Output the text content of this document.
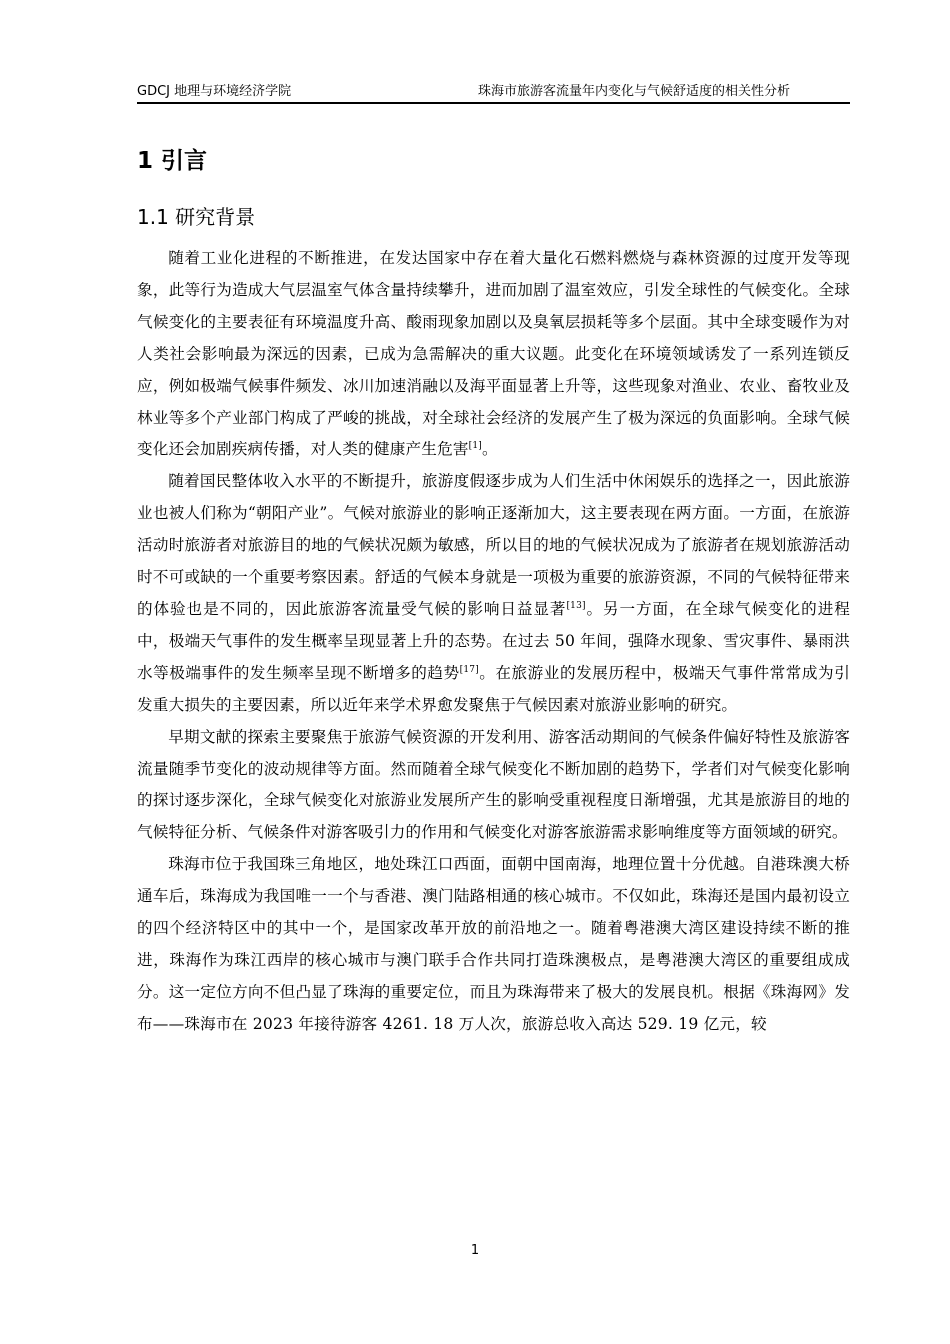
GDCJ 地理与环境经济学院	珠海市旅游客流量年内变化与气候舒适度的相关性分析
1 引言
1.1 研究背景

随着工业化进程的不断推进，在发达国家中存在着大量化石燃料燃烧与森林资源的过度开发等现象，此等行为造成大气层温室气体含量持续攀升，进而加剧了温室效应，引发全球性的气候变化。全球气候变化的主要表征有环境温度升高、酸雨现象加剧以及臭氧层损耗等多个层面。其中全球变暖作为对人类社会影响最为深远的因素，已成为急需解决的重大议题。此变化在环境领域诱发了一系列连锁反应，例如极端气候事件频发、冰川加速消融以及海平面显著上升等，这些现象对渔业、农业、畜牧业及林业等多个产业部门构成了严峻的挑战，对全球社会经济的发展产生了极为深远的负面影响。全球气候变化还会加剧疾病传播，对人类的健康产生危害[1]。

随着国民整体收入水平的不断提升，旅游度假逐步成为人们生活中休闲娱乐的选择之一，因此旅游业也被人们称为“朝阳产业”。气候对旅游业的影响正逐渐加大，这主要表现在两方面。一方面，在旅游活动时旅游者对旅游目的地的气候状况颇为敏感，所以目的地的气候状况成为了旅游者在规划旅游活动时不可或缺的一个重要考察因素。舒适的气候本身就是一项极为重要的旅游资源，不同的气候特征带来的体验也是不同的，因此旅游客流量受气候的影响日益显著[13]。另一方面，在全球气候变化的进程中，极端天气事件的发生概率呈现显著上升的态势。在过去 50 年间，强降水现象、雪灾事件、暴雨洪水等极端事件的发生频率呈现不断增多的趋势[17]。在旅游业的发展历程中，极端天气事件常常成为引发重大损失的主要因素，所以近年来学术界愈发聚焦于气候因素对旅游业影响的研究。

早期文献的探索主要聚焦于旅游气候资源的开发利用、游客活动期间的气候条件偏好特性及旅游客流量随季节变化的波动规律等方面。然而随着全球气候变化不断加剧的趋势下，学者们对气候变化影响的探讨逐步深化，全球气候变化对旅游业发展所产生的影响受重视程度日渐增强，尤其是旅游目的地的气候特征分析、气候条件对游客吸引力的作用和气候变化对游客旅游需求影响维度等方面领域的研究。

珠海市位于我国珠三角地区，地处珠江口西面，面朝中国南海，地理位置十分优越。自港珠澳大桥通车后，珠海成为我国唯一一个与香港、澳门陆路相通的核心城市。不仅如此，珠海还是国内最初设立的四个经济特区中的其中一个，是国家改革开放的前沿地之一。随着粤港澳大湾区建设持续不断的推进，珠海作为珠江西岸的核心城市与澳门联手合作共同打造珠澳极点，是粤港澳大湾区的重要组成成分。这一定位方向不但凸显了珠海的重要定位，而且为珠海带来了极大的发展良机。根据《珠海网》发布——珠海市在 2023 年接待游客 4261. 18 万人次，旅游总收入高达 529. 19 亿元，较

1
